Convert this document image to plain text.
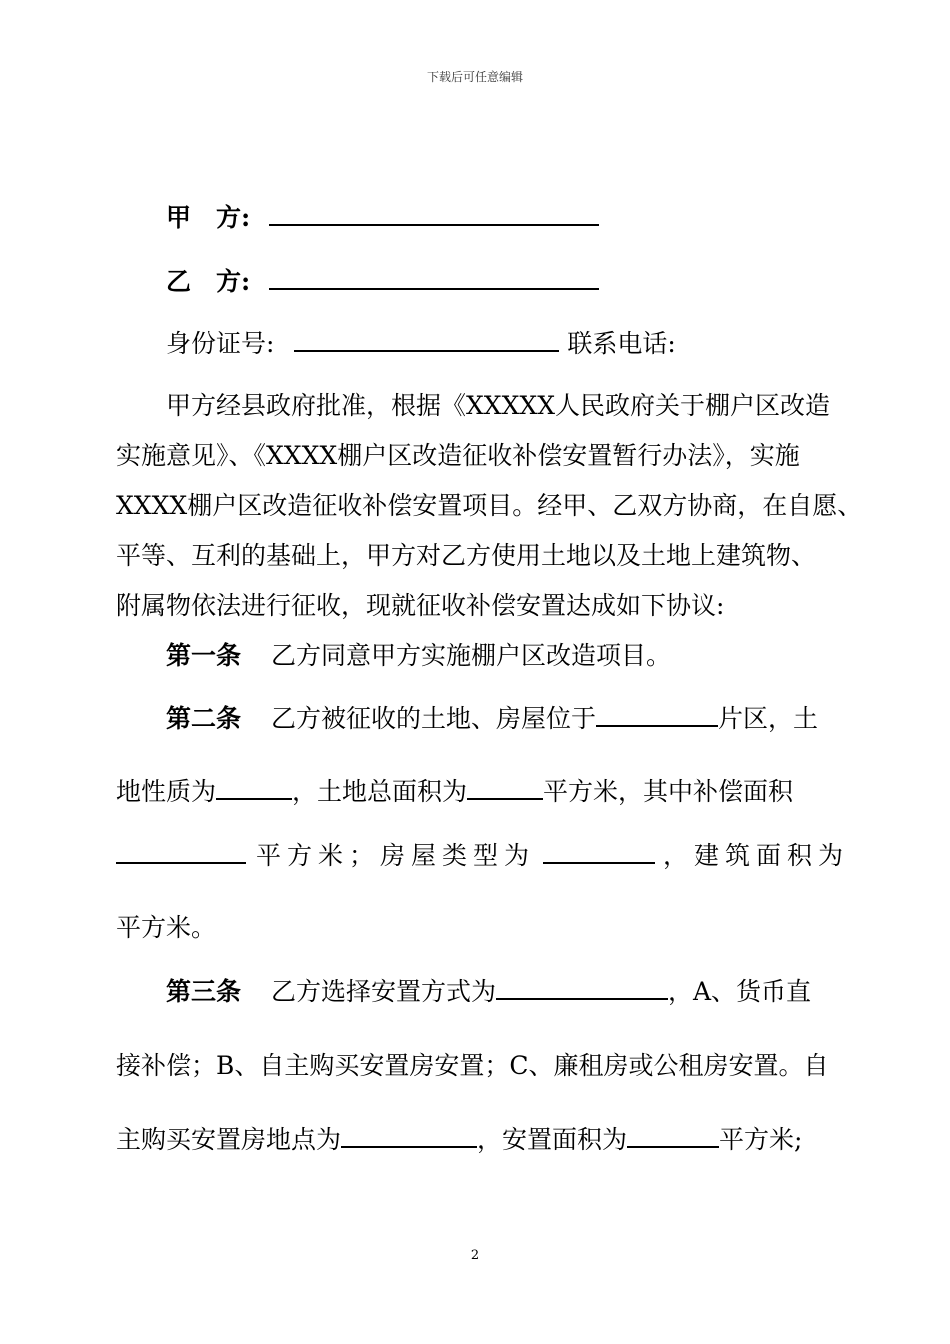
下载后可任意编辑
甲　方:
乙　方:
身份证号:	联系电话:
甲方经县政府批准，根据《XXXXX人民政府关于棚户区改造
实施意见》、《XXXX棚户区改造征收补偿安置暂行办法》，实施
XXXX棚户区改造征收补偿安置项目。经甲、乙双方协商，在自愿、
平等、互利的基础上，甲方对乙方使用土地以及土地上建筑物、
附属物依法进行征收，现就征收补偿安置达成如下协议:
第一条 乙方同意甲方实施棚户区改造项目。
第二条 乙方被征收的土地、房屋位于	片区，土
地性质为	，土地总面积为	平方米，其中补偿面积
平方米；房屋类型为	，建筑面积为
平方米。
第三条 乙方选择安置方式为	，A、货币直
接补偿；B、自主购买安置房安置；C、廉租房或公租房安置。自
主购买安置房地点为	，安置面积为	平方米;
2
